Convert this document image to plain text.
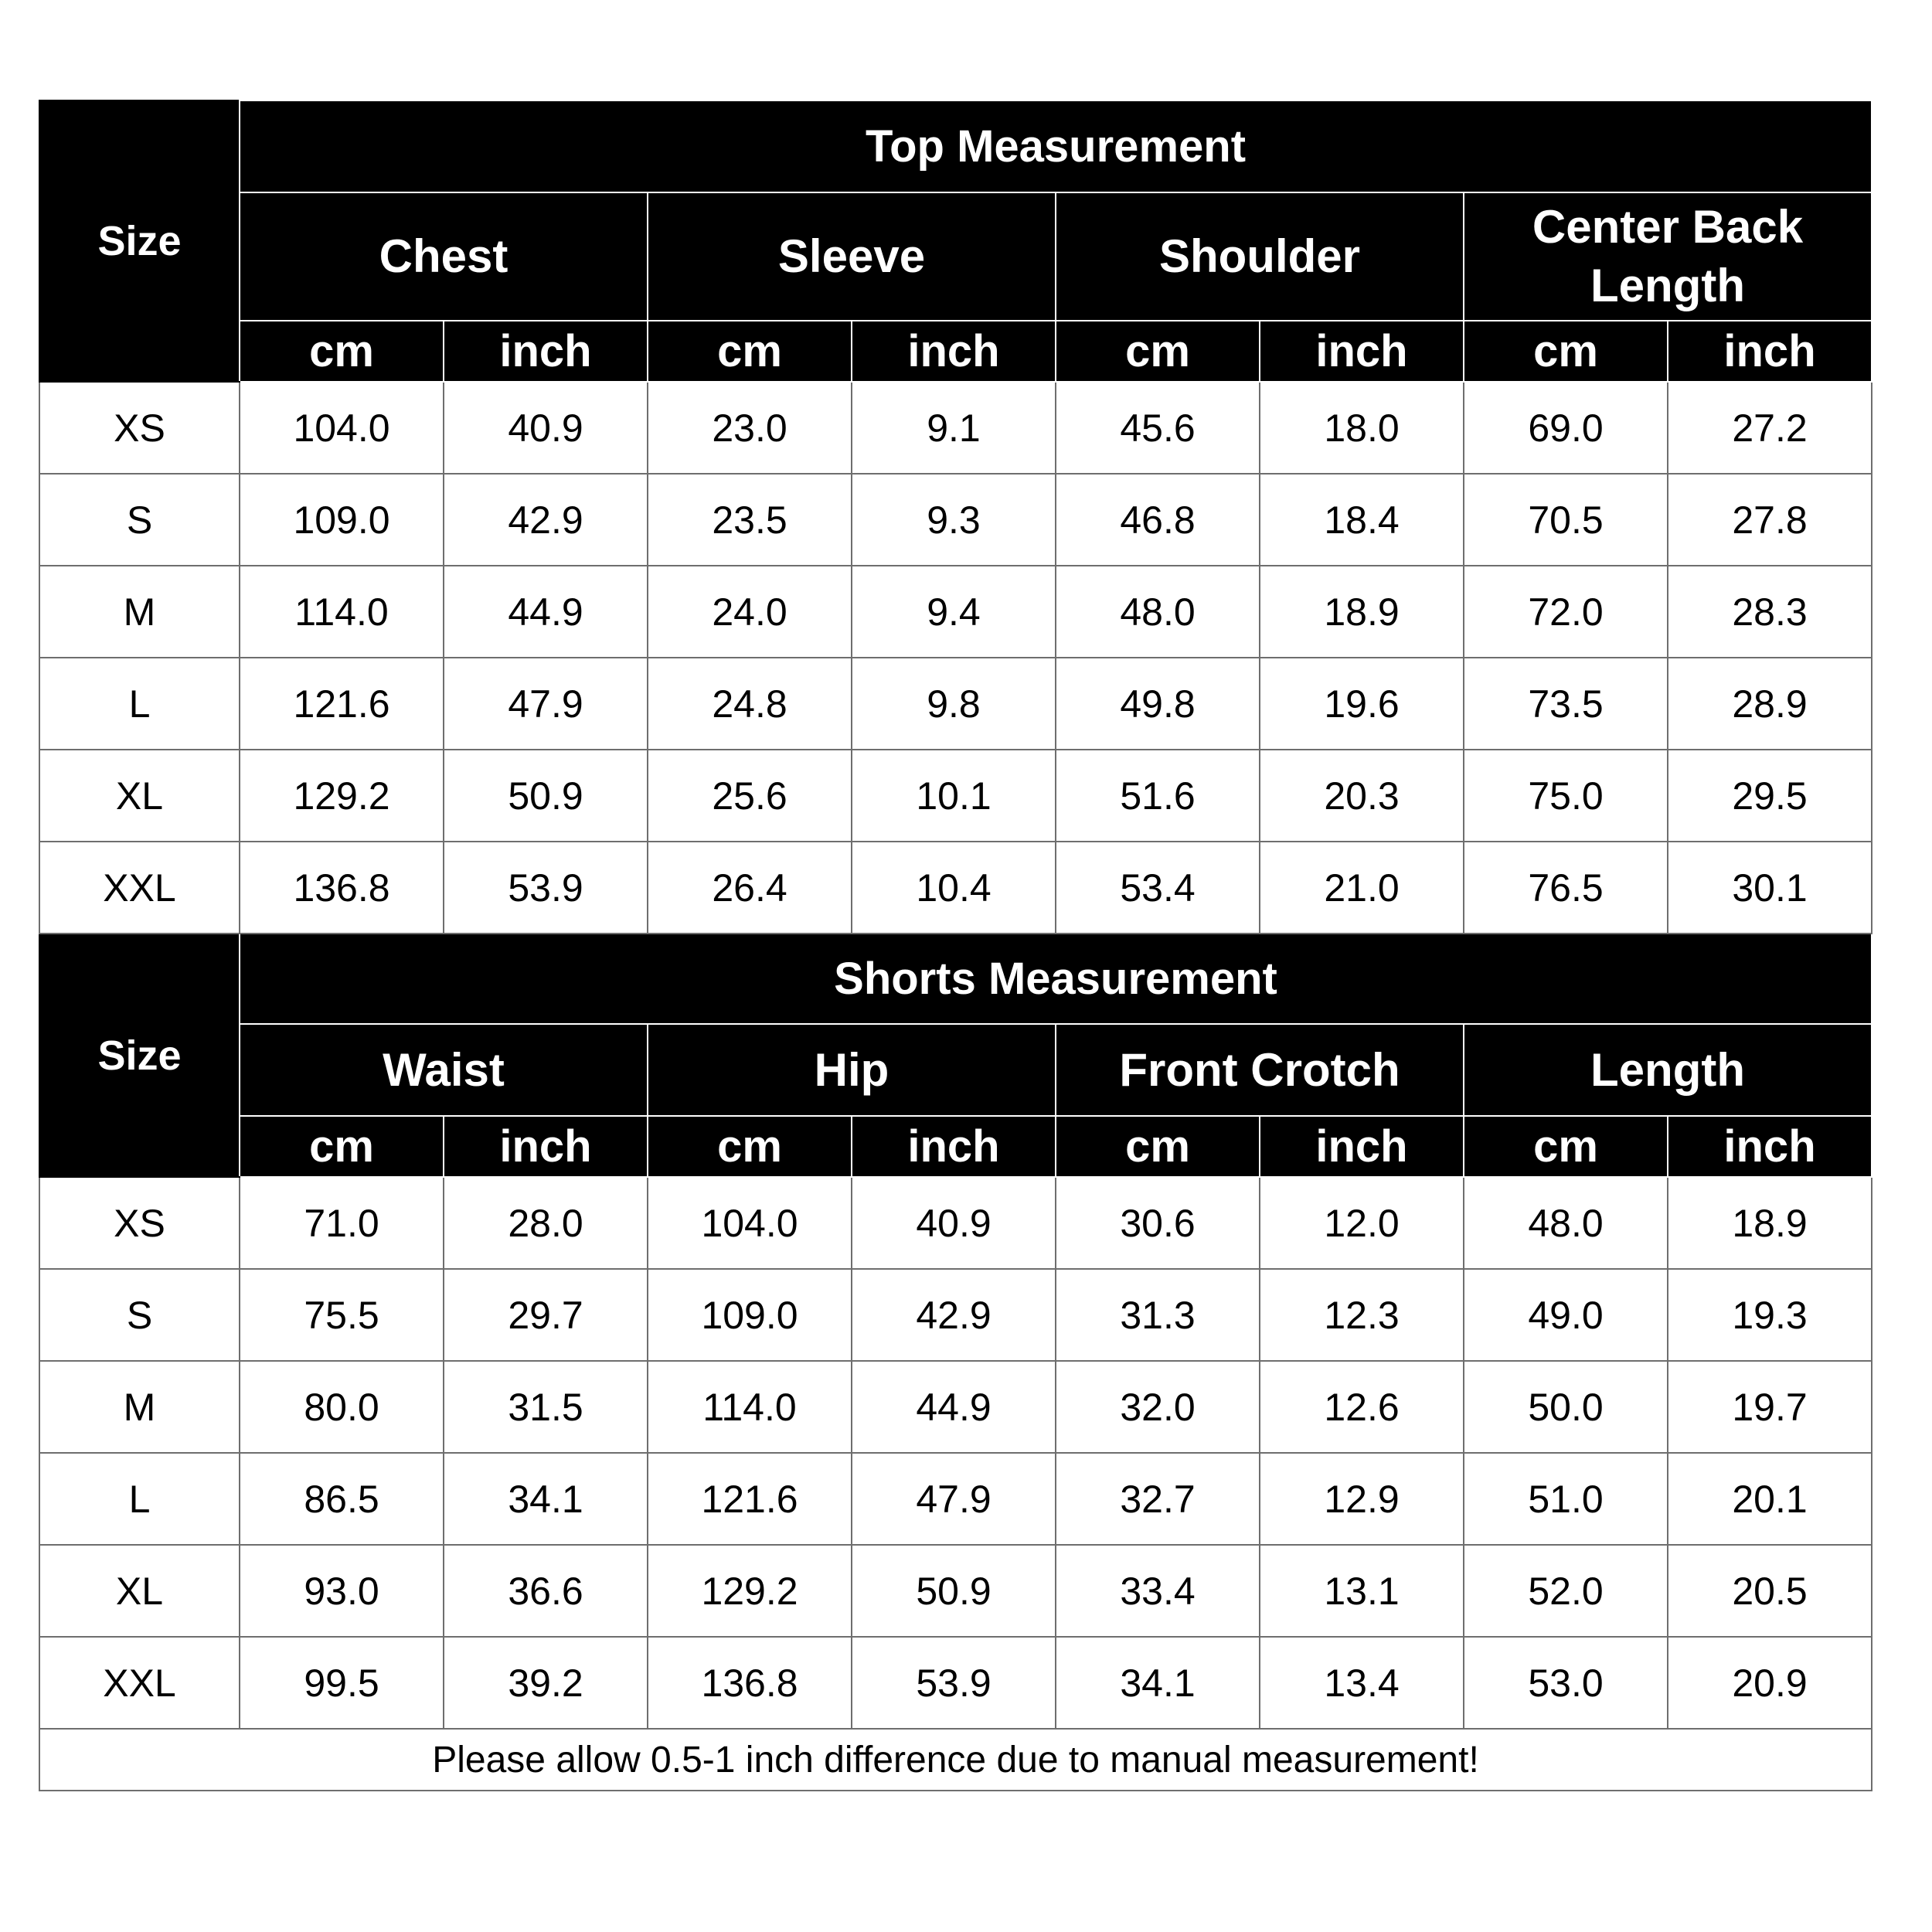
Size	Top Measurement							
	Chest		Sleeve		Shoulder		Center Back Length	
	cm	inch	cm	inch	cm	inch	cm	inch
XS	104.0	40.9	23.0	9.1	45.6	18.0	69.0	27.2
S	109.0	42.9	23.5	9.3	46.8	18.4	70.5	27.8
M	114.0	44.9	24.0	9.4	48.0	18.9	72.0	28.3
L	121.6	47.9	24.8	9.8	49.8	19.6	73.5	28.9
XL	129.2	50.9	25.6	10.1	51.6	20.3	75.0	29.5
XXL	136.8	53.9	26.4	10.4	53.4	21.0	76.5	30.1
Size	Shorts Measurement							
	Waist		Hip		Front Crotch		Length	
	cm	inch	cm	inch	cm	inch	cm	inch
XS	71.0	28.0	104.0	40.9	30.6	12.0	48.0	18.9
S	75.5	29.7	109.0	42.9	31.3	12.3	49.0	19.3
M	80.0	31.5	114.0	44.9	32.0	12.6	50.0	19.7
L	86.5	34.1	121.6	47.9	32.7	12.9	51.0	20.1
XL	93.0	36.6	129.2	50.9	33.4	13.1	52.0	20.5
XXL	99.5	39.2	136.8	53.9	34.1	13.4	53.0	20.9
Please allow 0.5-1 inch difference due to manual measurement!								
